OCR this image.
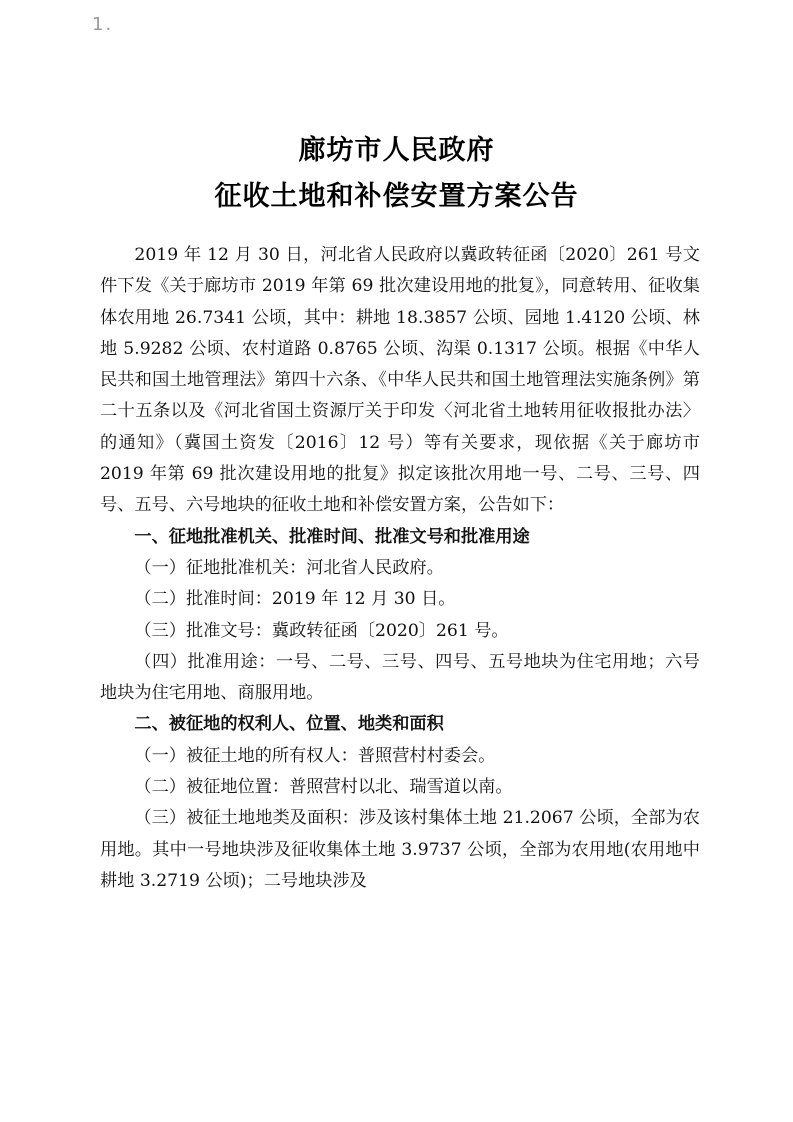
1.
廊坊市人民政府
征收土地和补偿安置方案公告

2019 年 12 月 30 日，河北省人民政府以冀政转征函〔2020〕261 号文件下发《关于廊坊市 2019 年第 69 批次建设用地的批复》，同意转用、征收集体农用地 26.7341 公顷，其中：耕地 18.3857 公顷、园地 1.4120 公顷、林地 5.9282 公顷、农村道路 0.8765 公顷、沟渠 0.1317 公顷。根据《中华人民共和国土地管理法》第四十六条、《中华人民共和国土地管理法实施条例》第二十五条以及《河北省国土资源厅关于印发〈河北省土地转用征收报批办法〉的通知》（冀国土资发〔2016〕12 号）等有关要求，现依据《关于廊坊市 2019 年第 69 批次建设用地的批复》拟定该批次用地一号、二号、三号、四号、五号、六号地块的征收土地和补偿安置方案，公告如下：

一、征地批准机关、批准时间、批准文号和批准用途

（一）征地批准机关：河北省人民政府。

（二）批准时间：2019 年 12 月 30 日。

（三）批准文号：冀政转征函〔2020〕261 号。

（四）批准用途：一号、二号、三号、四号、五号地块为住宅用地；六号地块为住宅用地、商服用地。

二、被征地的权利人、位置、地类和面积

（一）被征土地的所有权人：普照营村村委会。

（二）被征地位置：普照营村以北、瑞雪道以南。

（三）被征土地地类及面积：涉及该村集体土地 21.2067 公顷，全部为农用地。其中一号地块涉及征收集体土地 3.9737 公顷，全部为农用地(农用地中耕地 3.2719 公顷)；二号地块涉及
